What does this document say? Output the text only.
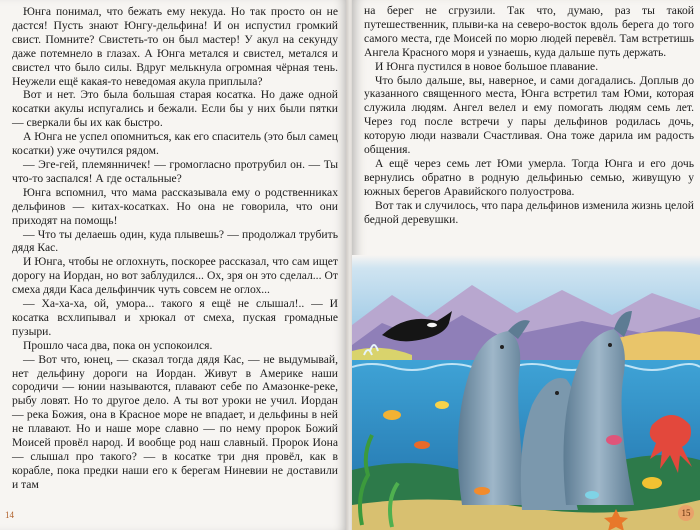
Юнга понимал, что бежать ему некуда. Но так просто он не дастся! Пусть знают Юнгу-дельфина! И он испустил громкий свист. Помните? Свистеть-то он был мастер! У акул на секунду даже потемнело в глазах. А Юнга метался и свистел, метался и свистел что было силы. Вдруг мелькнула огромная чёрная тень. Неужели ещё какая-то неведомая акула приплыла?

Вот и нет. Это была большая старая косатка. Но даже одной косатки акулы испугались и бежали. Если бы у них были пятки — сверкали бы их как быстро.

А Юнга не успел опомниться, как его спаситель (это был самец косатки) уже очутился рядом.

— Эге-гей, племянничек! — громогласно протрубил он. — Ты что-то заспался! А где остальные?

Юнга вспомнил, что мама рассказывала ему о родственниках дельфинов — китах-косатках. Но она не говорила, что они приходят на помощь!

— Что ты делаешь один, куда плывешь? — продолжал трубить дядя Кас.

И Юнга, чтобы не оглохнуть, поскорее рассказал, что сам ищет дорогу на Иордан, но вот заблудился... Ох, зря он это сделал... От смеха дяди Каса дельфинчик чуть совсем не оглох...

— Ха-ха-ха, ой, умора... такого я ещё не слышал!.. — И косатка всхлипывал и хрюкал от смеха, пуская громадные пузыри.

Прошло часа два, пока он успокоился.

— Вот что, юнец, — сказал тогда дядя Кас, — не выдумывай, нет дельфину дороги на Иордан. Живут в Америке наши сородичи — юнии называются, плавают себе по Амазонке-реке, рыбу ловят. Но то другое дело. А ты вот уроки не учил. Иордан — река Божия, она в Красное море не впадает, и дельфины в ней не плавают. Но и наше море славно — по нему пророк Божий Моисей провёл народ. И вообще род наш славный. Пророк Иона — слышал про такого? — в косатке три дня провёл, как в корабле, пока предки наши его к берегам Ниневии не доставили и там

14

на берег не сгрузили. Так что, думаю, раз ты такой путешественник, плыви-ка на северо-восток вдоль берега до того самого места, где Моисей по морю людей перевёл. Там встретишь Ангела Красного моря и узнаешь, куда дальше путь держать.

И Юнга пустился в новое большое плавание.

Что было дальше, вы, наверное, и сами догадались. Доплыв до указанного священного места, Юнга встретил там Юми, которая служила людям. Ангел велел и ему помогать людям семь лет. Через год после встречи у пары дельфинов родилась дочь, которую люди назвали Счастливая. Она тоже дарила им радость общения.

А ещё через семь лет Юми умерла. Тогда Юнга и его дочь вернулись обратно в родную дельфинью семью, живущую у южных берегов Аравийского полуострова.

Вот так и случилось, что пара дельфинов изменила жизнь целой бедной деревушки.

15
